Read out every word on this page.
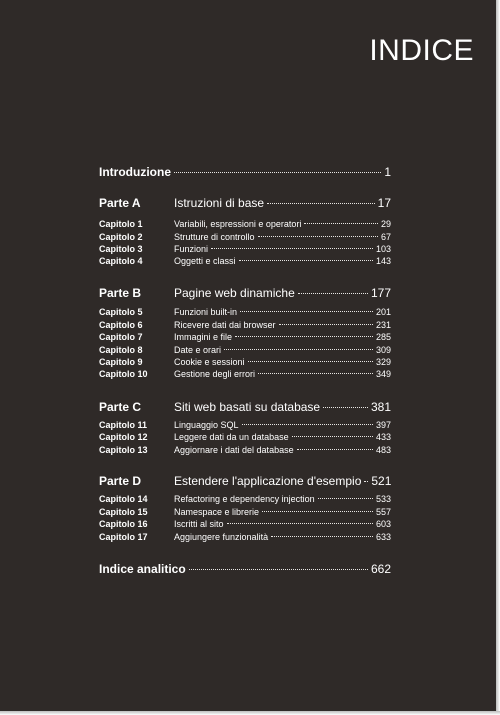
INDICE
Introduzione	1
Parte A	Istruzioni di base	17
Capitolo 1	Variabili, espressioni e operatori	29
Capitolo 2	Strutture di controllo	67
Capitolo 3	Funzioni	103
Capitolo 4	Oggetti e classi	143
Parte B	Pagine web dinamiche	177
Capitolo 5	Funzioni built-in	201
Capitolo 6	Ricevere dati dai browser	231
Capitolo 7	Immagini e file	285
Capitolo 8	Date e orari	309
Capitolo 9	Cookie e sessioni	329
Capitolo 10	Gestione degli errori	349
Parte C	Siti web basati su database	381
Capitolo 11	Linguaggio SQL	397
Capitolo 12	Leggere dati da un database	433
Capitolo 13	Aggiornare i dati del database	483
Parte D	Estendere l'applicazione d'esempio 521
Capitolo 14	Refactoring e dependency injection	533
Capitolo 15	Namespace e librerie	557
Capitolo 16	Iscritti al sito	603
Capitolo 17	Aggiungere funzionalità	633
Indice analitico	662
